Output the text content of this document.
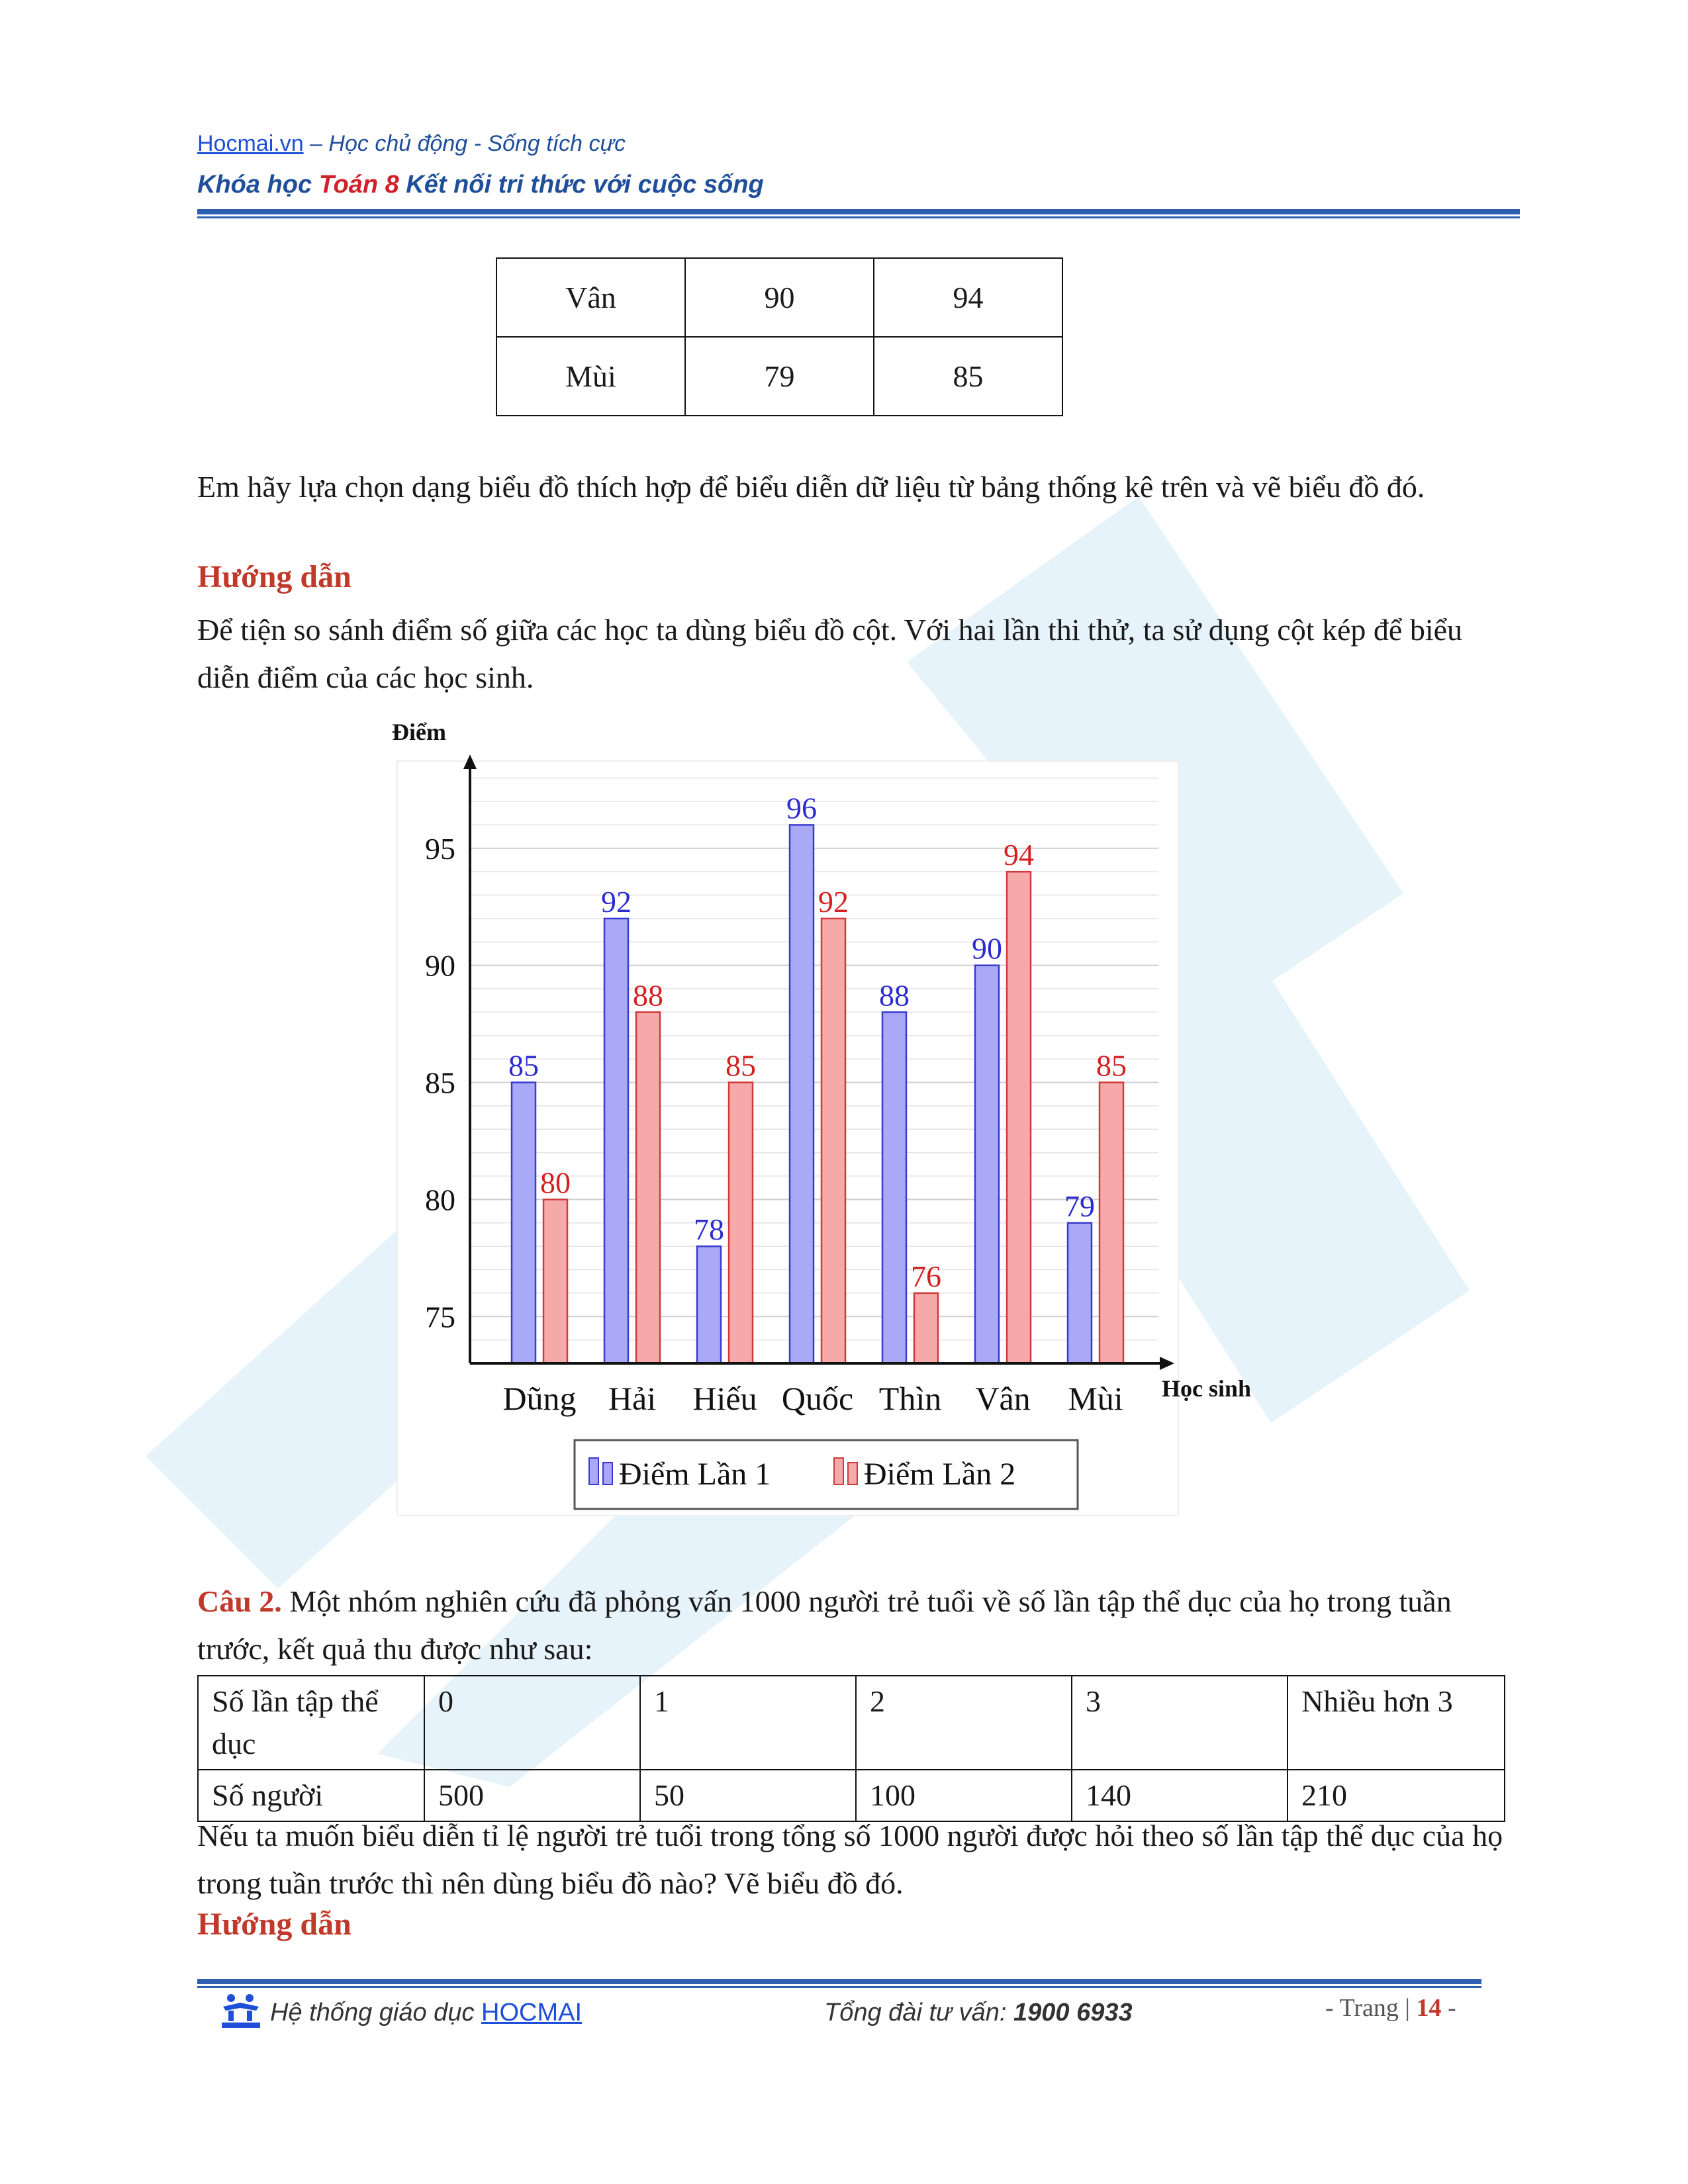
Hocmai.vn – Học chủ động - Sống tích cực
Khóa học Toán 8 Kết nối tri thức với cuộc sống
Vân	90	94
Mùi	79	85
Em hãy lựa chọn dạng biểu đồ thích hợp để biểu diễn dữ liệu từ bảng thống kê trên và vẽ biểu đồ đó.
Hướng dẫn
Để tiện so sánh điểm số giữa các học ta dùng biểu đồ cột. Với hai lần thi thử, ta sử dụng cột kép để biểu diễn điểm của các học sinh.
75
80
85
90
95
85
80
Dũng
92
88
Hải
78
85
Hiếu
96
92
Quốc
88
76
Thìn
90
94
Vân
79
85
Mùi
Điểm
Học sinh
Điểm Lần 1	Điểm Lần 2
Câu 2. Một nhóm nghiên cứu đã phỏng vấn 1000 người trẻ tuổi về số lần tập thể dục của họ trong tuần trước, kết quả thu được như sau:
Số lần tập thể dục	0	1	2	3	Nhiều hơn 3
Số người	500	50	100	140	210
Nếu ta muốn biểu diễn tỉ lệ người trẻ tuổi trong tổng số 1000 người được hỏi theo số lần tập thể dục của họ trong tuần trước thì nên dùng biểu đồ nào? Vẽ biểu đồ đó.
Hướng dẫn
Hệ thống giáo dục HOCMAI	Tổng đài tư vấn: 1900 6933	- Trang | 14 -
